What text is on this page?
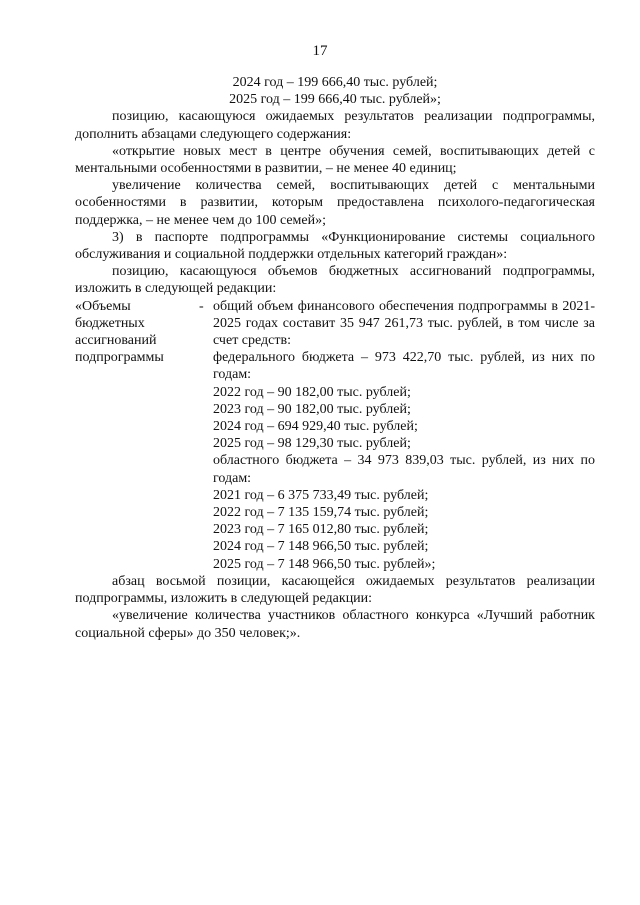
17

2024 год – 199 666,40 тыс. рублей;

2025 год – 199 666,40 тыс. рублей»;

позицию, касающуюся ожидаемых результатов реализации подпрограммы, дополнить абзацами следующего содержания:

«открытие новых мест в центре обучения семей, воспитывающих детей с ментальными особенностями в развитии, – не менее 40 единиц;

увеличение количества семей, воспитывающих детей с ментальными особенностями в развитии, которым предоставлена психолого-педагогическая поддержка, – не менее чем до 100 семей»;

3) в паспорте подпрограммы «Функционирование системы социального обслуживания и социальной поддержки отдельных категорий граждан»:

позицию, касающуюся объемов бюджетных ассигнований подпрограммы, изложить в следующей редакции:

«Объемы бюджетных ассигнований подпрограммы
- общий объем финансового обеспечения подпрограммы в 2021-2025 годах составит 35 947 261,73 тыс. рублей, в том числе за счет средств:

федерального бюджета – 973 422,70 тыс. рублей, из них по годам:

2022 год – 90 182,00 тыс. рублей;

2023 год – 90 182,00 тыс. рублей;

2024 год – 694 929,40 тыс. рублей;

2025 год – 98 129,30 тыс. рублей;

областного бюджета – 34 973 839,03 тыс. рублей, из них по годам:

2021 год – 6 375 733,49 тыс. рублей;

2022 год – 7 135 159,74 тыс. рублей;

2023 год – 7 165 012,80 тыс. рублей;

2024 год – 7 148 966,50 тыс. рублей;

2025 год – 7 148 966,50 тыс. рублей»;

абзац восьмой позиции, касающейся ожидаемых результатов реализации подпрограммы, изложить в следующей редакции:

«увеличение количества участников областного конкурса «Лучший работник социальной сферы» до 350 человек;».
